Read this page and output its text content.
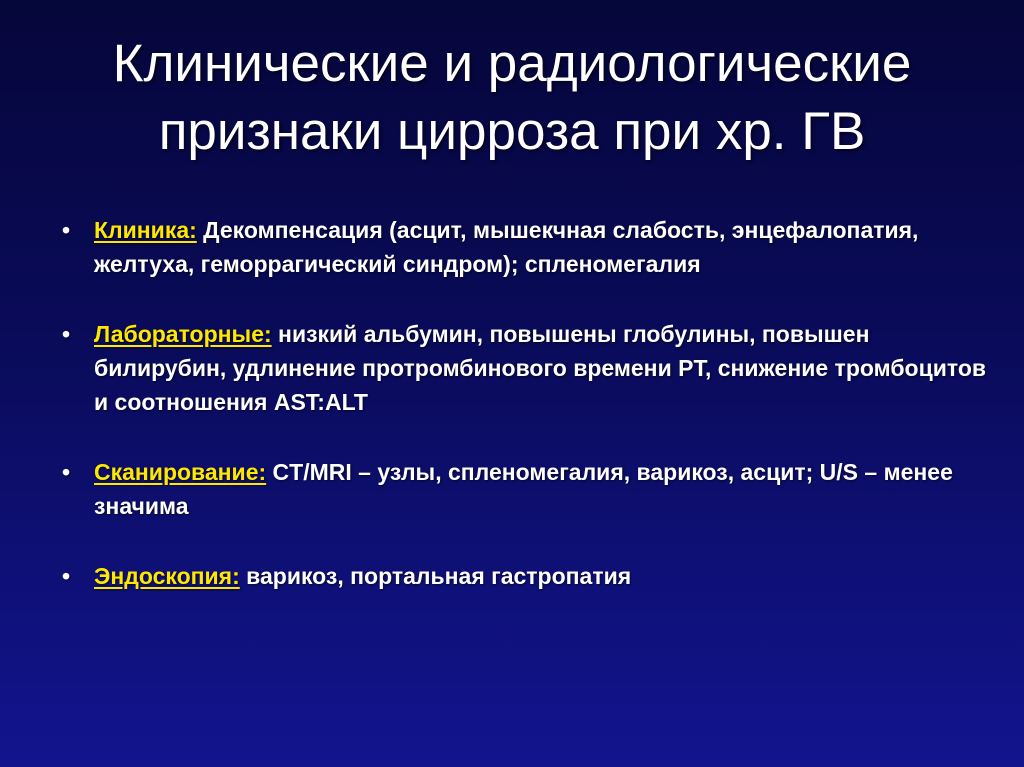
Клинические и радиологические
признаки цирроза при хр. ГВ
• Клиника: Декомпенсация (асцит, мышекчная слабость, энцефалопатия, желтуха, геморрагический синдром); спленомегалия
• Лабораторные: низкий альбумин, повышены глобулины, повышен билирубин, удлинение протромбинового времени PT, снижение тромбоцитов и соотношения AST:ALT
• Сканирование: CT/MRI – узлы, спленомегалия, варикоз, асцит; U/S – менее значима
• Эндоскопия: варикоз, портальная гастропатия
